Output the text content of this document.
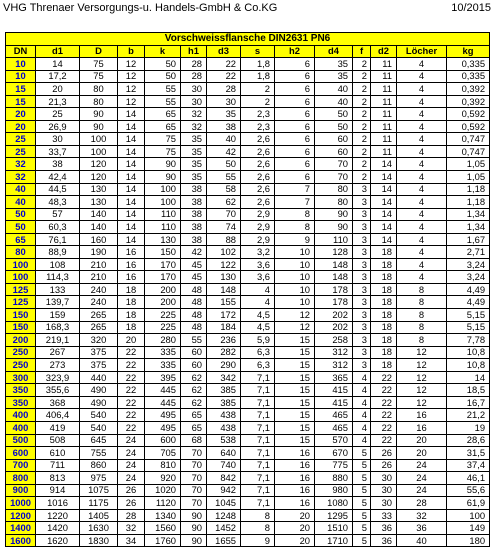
VHG Threnaer Versorgungs-u. Handels-GmbH & Co.KG	10/2015
Vorschweissflansche DIN2631 PN6													
DN	d1	D	b	k	h1	d3	s	h2	d4	f	d2	Löcher	kg
10	14	75	12	50	28	22	1,8	6	35	2	11	4	0,335
10	17,2	75	12	50	28	22	1,8	6	35	2	11	4	0,335
15	20	80	12	55	30	28	2	6	40	2	11	4	0,392
15	21,3	80	12	55	30	30	2	6	40	2	11	4	0,392
20	25	90	14	65	32	35	2,3	6	50	2	11	4	0,592
20	26,9	90	14	65	32	38	2,3	6	50	2	11	4	0,592
25	30	100	14	75	35	40	2,6	6	60	2	11	4	0,747
25	33,7	100	14	75	35	42	2,6	6	60	2	11	4	0,747
32	38	120	14	90	35	50	2,6	6	70	2	14	4	1,05
32	42,4	120	14	90	35	55	2,6	6	70	2	14	4	1,05
40	44,5	130	14	100	38	58	2,6	7	80	3	14	4	1,18
40	48,3	130	14	100	38	62	2,6	7	80	3	14	4	1,18
50	57	140	14	110	38	70	2,9	8	90	3	14	4	1,34
50	60,3	140	14	110	38	74	2,9	8	90	3	14	4	1,34
65	76,1	160	14	130	38	88	2,9	9	110	3	14	4	1,67
80	88,9	190	16	150	42	102	3,2	10	128	3	18	4	2,71
100	108	210	16	170	45	122	3,6	10	148	3	18	4	3,24
100	114,3	210	16	170	45	130	3,6	10	148	3	18	4	3,24
125	133	240	18	200	48	148	4	10	178	3	18	8	4,49
125	139,7	240	18	200	48	155	4	10	178	3	18	8	4,49
150	159	265	18	225	48	172	4,5	12	202	3	18	8	5,15
150	168,3	265	18	225	48	184	4,5	12	202	3	18	8	5,15
200	219,1	320	20	280	55	236	5,9	15	258	3	18	8	7,78
250	267	375	22	335	60	282	6,3	15	312	3	18	12	10,8
250	273	375	22	335	60	290	6,3	15	312	3	18	12	10,8
300	323,9	440	22	395	62	342	7,1	15	365	4	22	12	14
350	355,6	490	22	445	62	385	7,1	15	415	4	22	12	18,5
350	368	490	22	445	62	385	7,1	15	415	4	22	12	16,7
400	406,4	540	22	495	65	438	7,1	15	465	4	22	16	21,2
400	419	540	22	495	65	438	7,1	15	465	4	22	16	19
500	508	645	24	600	68	538	7,1	15	570	4	22	20	28,6
600	610	755	24	705	70	640	7,1	16	670	5	26	20	31,5
700	711	860	24	810	70	740	7,1	16	775	5	26	24	37,4
800	813	975	24	920	70	842	7,1	16	880	5	30	24	46,1
900	914	1075	26	1020	70	942	7,1	16	980	5	30	24	55,6
1000	1016	1175	26	1120	70	1045	7,1	16	1080	5	30	28	61,9
1200	1220	1405	28	1340	90	1248	8	20	1295	5	33	32	100
1400	1420	1630	32	1560	90	1452	8	20	1510	5	36	36	149
1600	1620	1830	34	1760	90	1655	9	20	1710	5	36	40	180
